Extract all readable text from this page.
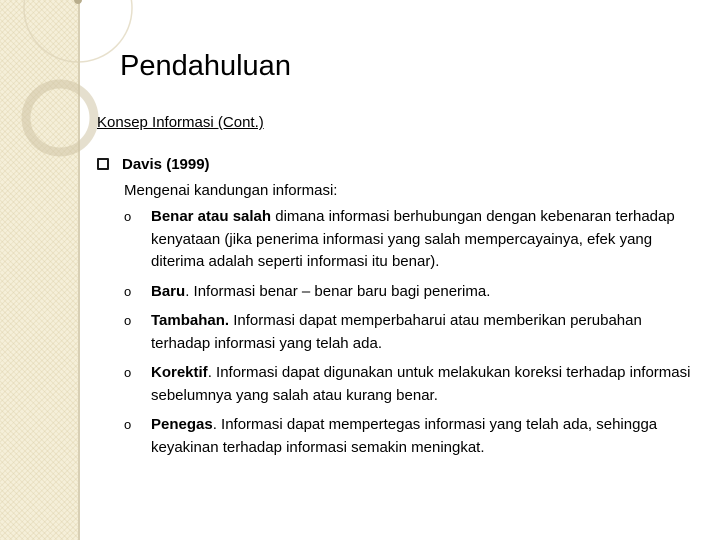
Pendahuluan
Konsep Informasi (Cont.)
Davis (1999)
Mengenai kandungan informasi:
o Benar atau salah dimana informasi berhubungan dengan kebenaran terhadap kenyataan (jika penerima informasi yang salah mempercayainya, efek yang diterima adalah seperti informasi itu benar).
o Baru. Informasi benar – benar baru bagi penerima.
o Tambahan. Informasi dapat memperbaharui atau memberikan perubahan terhadap informasi yang telah ada.
o Korektif. Informasi dapat digunakan untuk melakukan koreksi terhadap informasi sebelumnya yang salah atau kurang benar.
o Penegas. Informasi dapat mempertegas informasi yang telah ada, sehingga keyakinan terhadap informasi semakin meningkat.
